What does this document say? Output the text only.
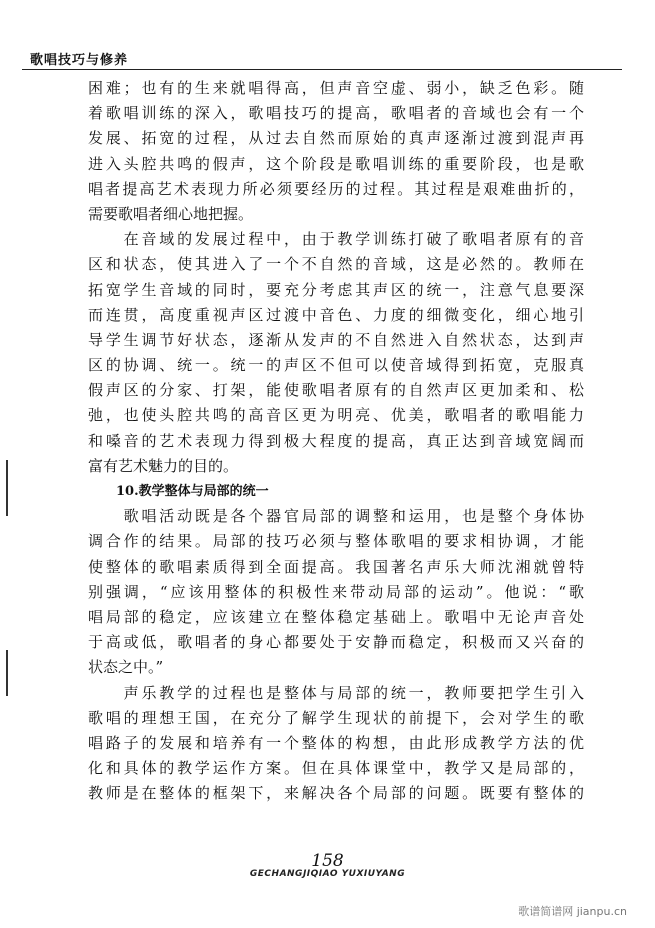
歌唱技巧与修养
困难；也有的生来就唱得高，但声音空虚、弱小，缺乏色彩。随
着歌唱训练的深入，歌唱技巧的提高，歌唱者的音域也会有一个
发展、拓宽的过程，从过去自然而原始的真声逐渐过渡到混声再
进入头腔共鸣的假声，这个阶段是歌唱训练的重要阶段，也是歌
唱者提高艺术表现力所必须要经历的过程。其过程是艰难曲折的，
需要歌唱者细心地把握。
　　在音域的发展过程中，由于教学训练打破了歌唱者原有的音
区和状态，使其进入了一个不自然的音域，这是必然的。教师在
拓宽学生音域的同时，要充分考虑其声区的统一，注意气息要深
而连贯，高度重视声区过渡中音色、力度的细微变化，细心地引
导学生调节好状态，逐渐从发声的不自然进入自然状态，达到声
区的协调、统一。统一的声区不但可以使音域得到拓宽，克服真
假声区的分家、打架，能使歌唱者原有的自然声区更加柔和、松
弛，也使头腔共鸣的高音区更为明亮、优美，歌唱者的歌唱能力
和嗓音的艺术表现力得到极大程度的提高，真正达到音域宽阔而
富有艺术魅力的目的。
10.教学整体与局部的统一
　　歌唱活动既是各个器官局部的调整和运用，也是整个身体协
调合作的结果。局部的技巧必须与整体歌唱的要求相协调，才能
使整体的歌唱素质得到全面提高。我国著名声乐大师沈湘就曾特
别强调，“应该用整体的积极性来带动局部的运动”。他说：“歌
唱局部的稳定，应该建立在整体稳定基础上。歌唱中无论声音处
于高或低，歌唱者的身心都要处于安静而稳定，积极而又兴奋的
状态之中。”
　　声乐教学的过程也是整体与局部的统一，教师要把学生引入
歌唱的理想王国，在充分了解学生现状的前提下，会对学生的歌
唱路子的发展和培养有一个整体的构想，由此形成教学方法的优
化和具体的教学运作方案。但在具体课堂中，教学又是局部的，
教师是在整体的框架下，来解决各个局部的问题。既要有整体的
158
GECHANGJIQIAO YUXIUYANG
歌谱简谱网 jianpu.cn
